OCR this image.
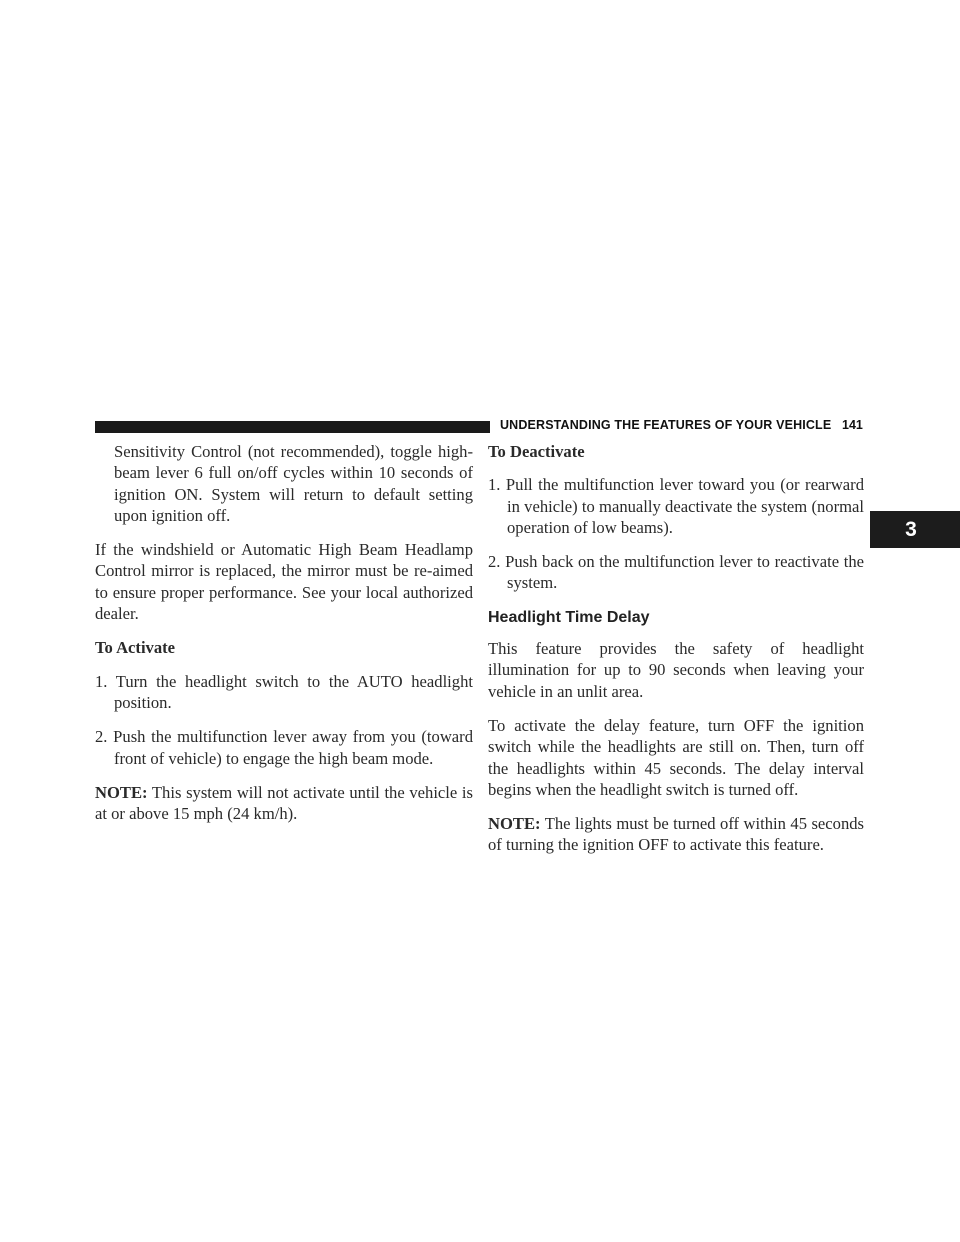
UNDERSTANDING THE FEATURES OF YOUR VEHICLE 141
3

Sensitivity Control (not recommended), toggle high-beam lever 6 full on/off cycles within 10 seconds of ignition ON. System will return to default setting upon ignition off.

If the windshield or Automatic High Beam Headlamp Control mirror is replaced, the mirror must be re-aimed to ensure proper performance. See your local authorized dealer.

To Activate

1. Turn the headlight switch to the AUTO headlight position.

2. Push the multifunction lever away from you (toward front of vehicle) to engage the high beam mode.

NOTE: This system will not activate until the vehicle is at or above 15 mph (24 km/h).

To Deactivate

1. Pull the multifunction lever toward you (or rearward in vehicle) to manually deactivate the system (normal operation of low beams).

2. Push back on the multifunction lever to reactivate the system.

Headlight Time Delay

This feature provides the safety of headlight illumination for up to 90 seconds when leaving your vehicle in an unlit area.

To activate the delay feature, turn OFF the ignition switch while the headlights are still on. Then, turn off the headlights within 45 seconds. The delay interval begins when the headlight switch is turned off.

NOTE: The lights must be turned off within 45 seconds of turning the ignition OFF to activate this feature.
